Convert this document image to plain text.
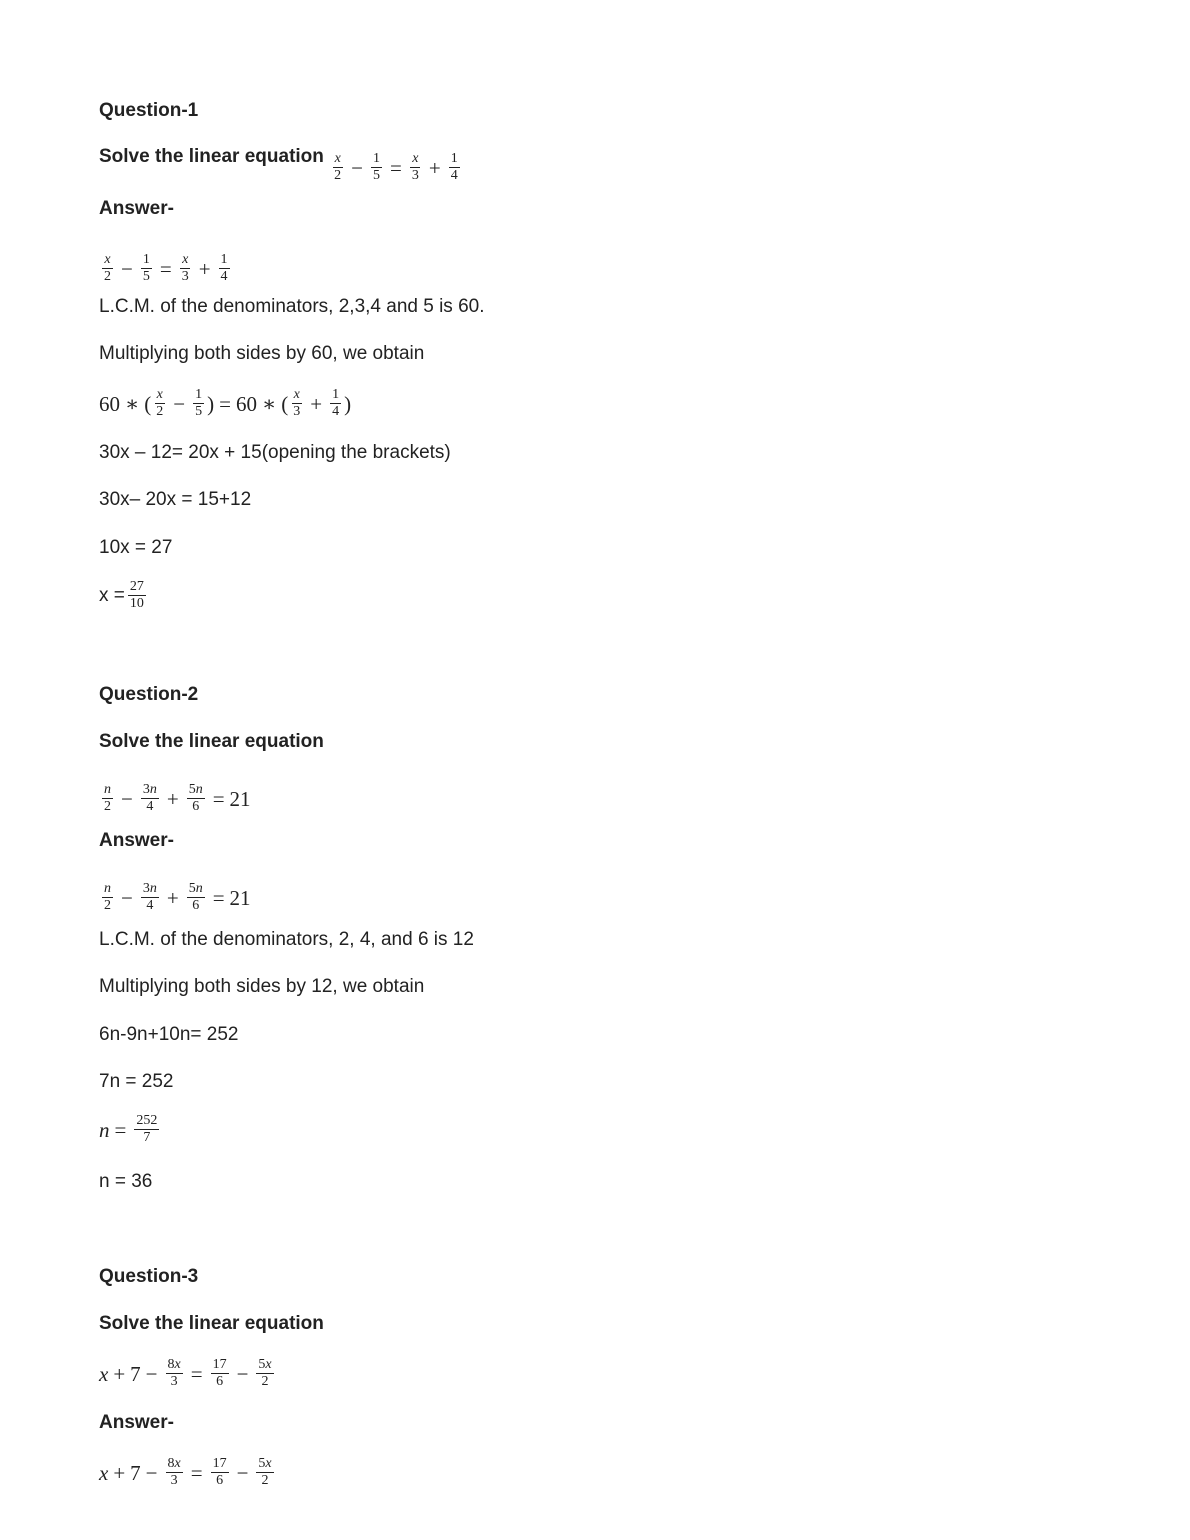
Question-1
Solve the linear equation $\frac{x}{2} - \frac{1}{5} = \frac{x}{3} + \frac{1}{4}$
Answer-
$\frac{x}{2} - \frac{1}{5} = \frac{x}{3} + \frac{1}{4}$
L.C.M. of the denominators, 2,3,4 and 5 is 60.
Multiplying both sides by 60, we obtain
60 ∗ ( $\frac{x}{2} - \frac{1}{5}$ ) = 60 ∗ ( $\frac{x}{3} + \frac{1}{4}$ )
30x – 12= 20x + 15(opening the brackets)
30x– 20x = 15+12
10x = 27
$x = \frac{27}{10}$
Question-2
Solve the linear equation
$\frac{n}{2} - \frac{3n}{4} + \frac{5n}{6} = 21$
Answer-
$\frac{n}{2} - \frac{3n}{4} + \frac{5n}{6} = 21$
L.C.M. of the denominators, 2, 4, and 6 is 12
Multiplying both sides by 12, we obtain
6n-9n+10n= 252
7n = 252
$n = \frac{252}{7}$
n = 36
Question-3
Solve the linear equation
$x + 7 - \frac{8x}{3} = \frac{17}{6} - \frac{5x}{2}$
Answer-
$x + 7 - \frac{8x}{3} = \frac{17}{6} - \frac{5x}{2}$
